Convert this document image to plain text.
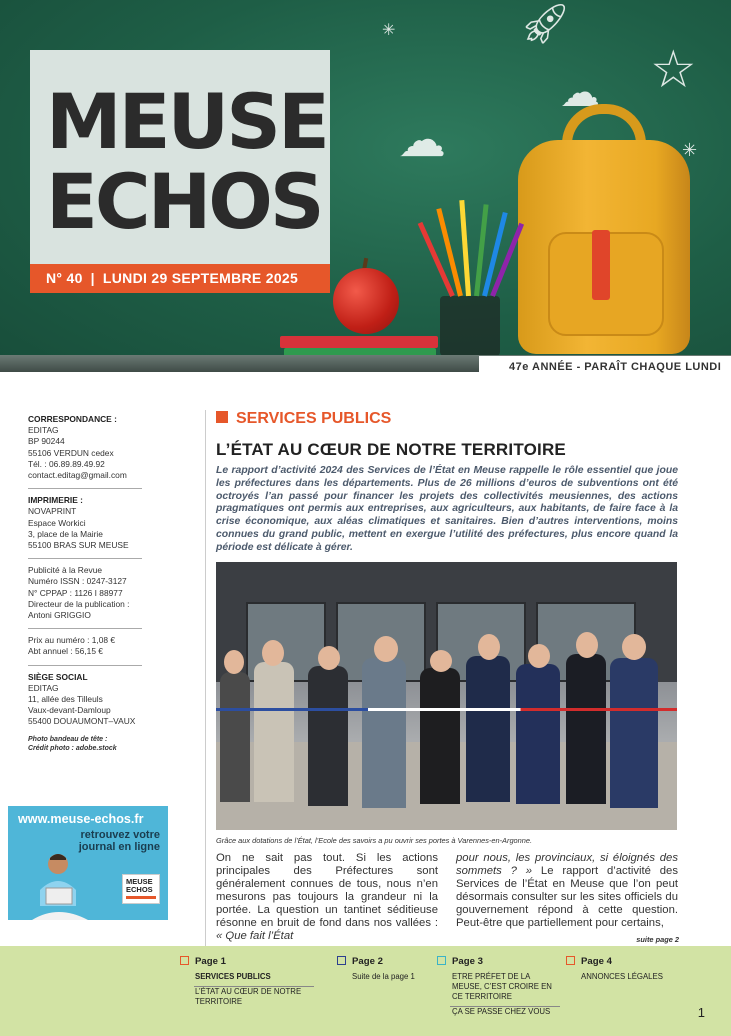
🚀︎
☆
✳
✳
☁
☁
MEUSE
ECHOS
N° 40 | LUNDI 29 SEPTEMBRE 2025
47e ANNÉE - PARAÎT CHAQUE LUNDI
CORRESPONDANCE :
EDITAG
BP 90244
55106 VERDUN cedex
Tél. : 06.89.89.49.92
contact.editag@gmail.com
IMPRIMERIE :
NOVAPRINT
Espace Workici
3, place de la Mairie
55100 BRAS SUR MEUSE
Publicité à la Revue
Numéro ISSN : 0247-3127
N° CPPAP : 1126 I 88977
Directeur de la publication :
Antoni GRIGGIO
Prix au numéro : 1,08 €
Abt annuel : 56,15 €
SIÈGE SOCIAL
EDITAG
11, allée des Tilleuls
Vaux-devant-Damloup
55400 DOUAUMONT–VAUX
Photo bandeau de tête :
Crédit photo : adobe.stock
www.meuse-echos.fr
retrouvez votre journal en ligne
MEUSE
ECHOS
SERVICES PUBLICS
L’ÉTAT AU CŒUR DE NOTRE TERRITOIRE
Le rapport d’activité 2024 des Services de l’État en Meuse rappelle le rôle essentiel que joue les préfectures dans les départements. Plus de 26 millions d’euros de subventions ont été octroyés l’an passé pour financer les projets des collectivités meusiennes, des actions pragmatiques ont permis aux entreprises, aux agriculteurs, aux habitants, de faire face à la crise économique, aux aléas climatiques et sanitaires. Bien d’autres interventions, moins connues du grand public, mettent en exergue l’utilité des préfectures, plus encore quand la période est délicate à gérer.
Grâce aux dotations de l’État, l’Ecole des savoirs a pu ouvrir ses portes à Varennes-en-Argonne.
On ne sait pas tout. Si les actions principales des Préfectures sont généralement connues de tous, nous n’en mesurons pas toujours la grandeur ni la portée. La question un tantinet séditieuse résonne en bruit de fond dans nos vallées : « Que fait l’État
pour nous, les provinciaux, si éloignés des sommets ? » Le rapport d’activité des Services de l’État en Meuse que l’on peut désormais consulter sur les sites officiels du gouvernement répond à cette question. Peut-être que partiellement pour certains,
suite page 2
Page 1
SERVICES PUBLICS
L’ÉTAT AU CŒUR DE NOTRE TERRITOIRE
Page 2
Suite de la page 1
Page 3
ETRE PRÉFET DE LA MEUSE, C’EST CROIRE EN CE TERRITOIRE
ÇA SE PASSE CHEZ VOUS
Page 4
ANNONCES LÉGALES
1
